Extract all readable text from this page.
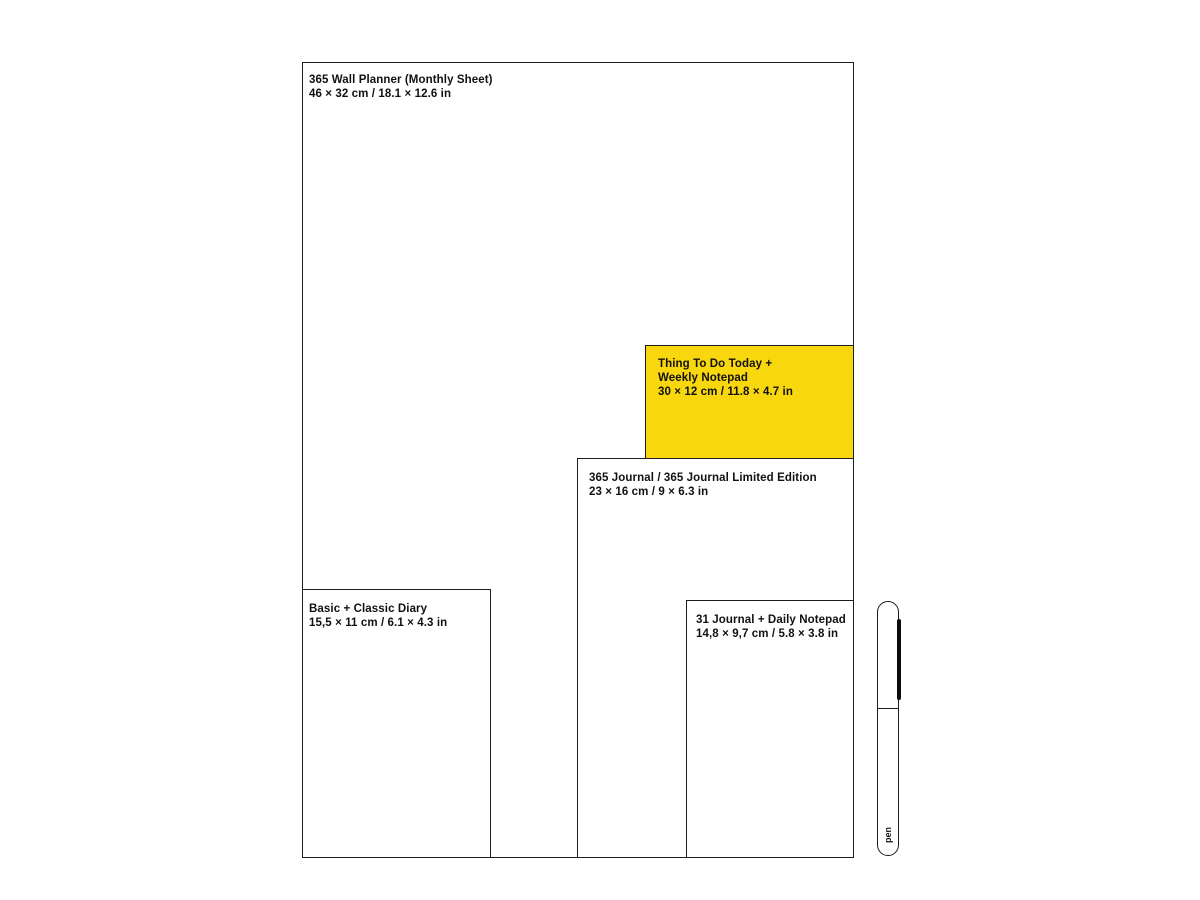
365 Wall Planner (Monthly Sheet)
46 × 32 cm / 18.1 × 12.6 in
Thing To Do Today +
Weekly Notepad
30 × 12 cm / 11.8 × 4.7 in
365 Journal / 365 Journal Limited Edition
23 × 16 cm / 9 × 6.3 in
Basic + Classic Diary
15,5 × 11 cm / 6.1 × 4.3 in	31 Journal + Daily Notepad
14,8 × 9,7 cm / 5.8 × 3.8 in
pen
